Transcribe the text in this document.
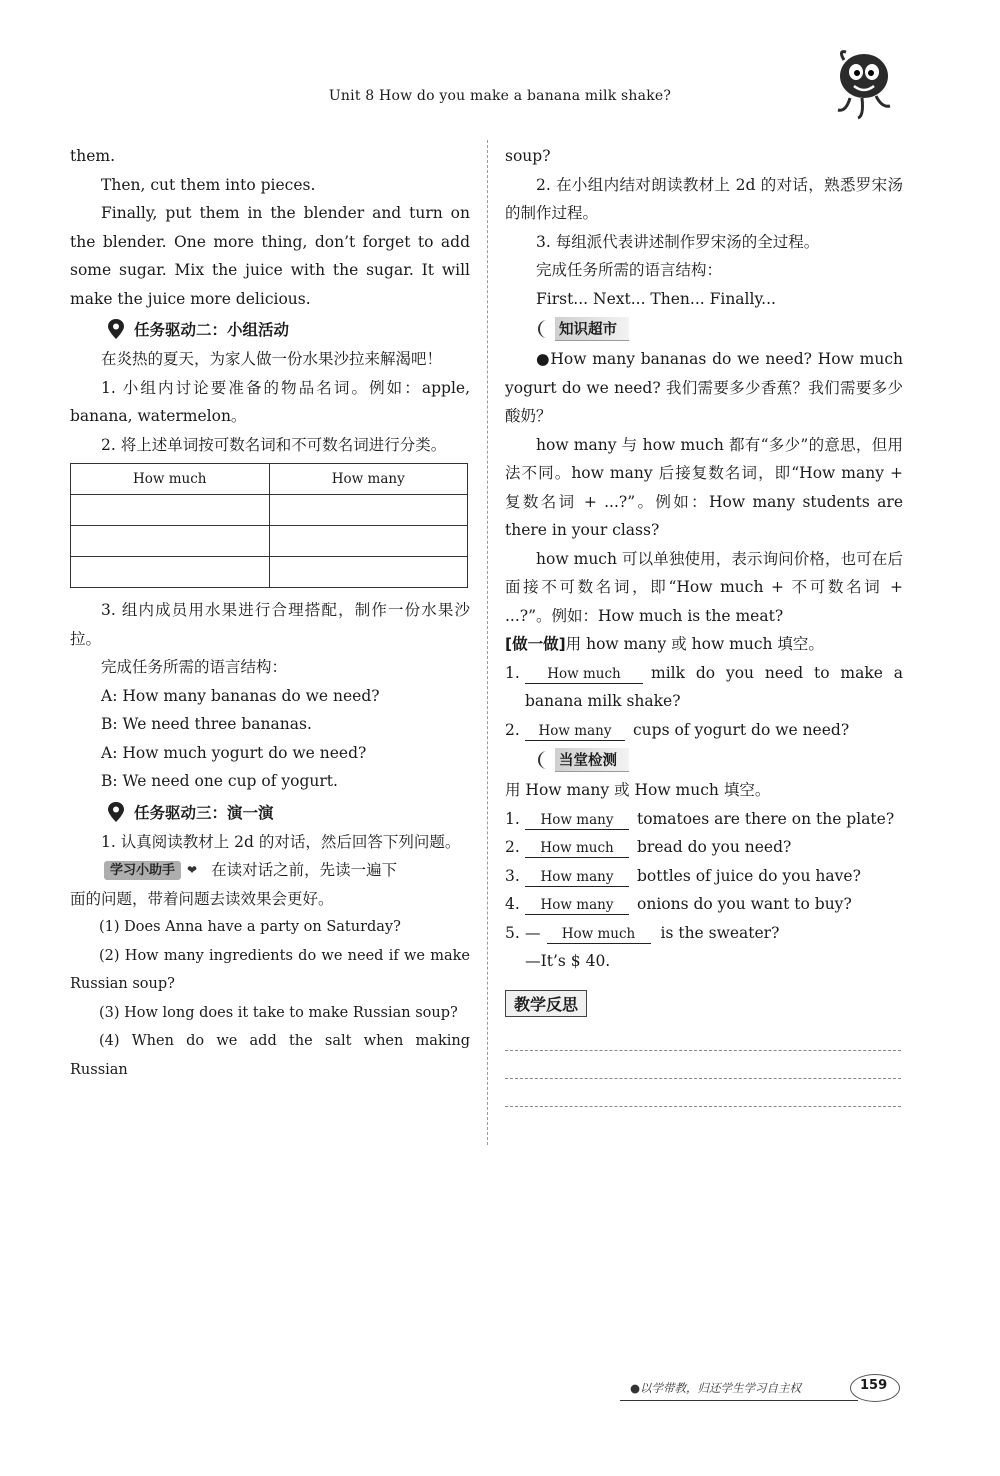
Unit 8 How do you make a banana milk shake?
them.
Then, cut them into pieces.
Finally, put them in the blender and turn on the blender. One more thing, don’t forget to add some sugar. Mix the juice with the sugar. It will make the juice more delicious.
任务驱动二：小组活动
在炎热的夏天，为家人做一份水果沙拉来解渴吧！
1. 小组内讨论要准备的物品名词。例如：apple, banana, watermelon。
2. 将上述单词按可数名词和不可数名词进行分类。
How much	How many

3. 组内成员用水果进行合理搭配，制作一份水果沙拉。
完成任务所需的语言结构：
A: How many bananas do we need?
B: We need three bananas.
A: How much yogurt do we need?
B: We need one cup of yogurt.
任务驱动三：演一演
1. 认真阅读教材上 2d 的对话，然后回答下列问题。
学习小助手	❤ 在读对话之前，先读一遍下
面的问题，带着问题去读效果会更好。
(1) Does Anna have a party on Saturday?
(2) How many ingredients do we need if we make Russian soup?
(3) How long does it take to make Russian soup?
(4) When do we add the salt when making Russian
soup?
2. 在小组内结对朗读教材上 2d 的对话，熟悉罗宋汤的制作过程。
3. 每组派代表讲述制作罗宋汤的全过程。
完成任务所需的语言结构：
First... Next... Then... Finally...
知识超市
●How many bananas do we need? How much yogurt do we need? 我们需要多少香蕉？我们需要多少酸奶？
how many 与 how much 都有“多少”的意思，但用法不同。how many 后接复数名词，即“How many + 复数名词 + ...?”。例如：How many students are there in your class?
how much 可以单独使用，表示询问价格，也可在后面接不可数名词，即“How much + 不可数名词 + ...?”。例如：How much is the meat?
[做一做]用 how many 或 how much 填空。
1.	How much milk do you need to make a banana milk shake?
2.	How many cups of yogurt do we need?
当堂检测
用 How many 或 How much 填空。
1.	How many tomatoes are there on the plate?
2.	How much bread do you need?
3.	How many bottles of juice do you have?
4.	How many onions do you want to buy?
5. — How much is the sweater?
—It’s $ 40.
教学反思
●以学带教，归还学生学习自主权	159
